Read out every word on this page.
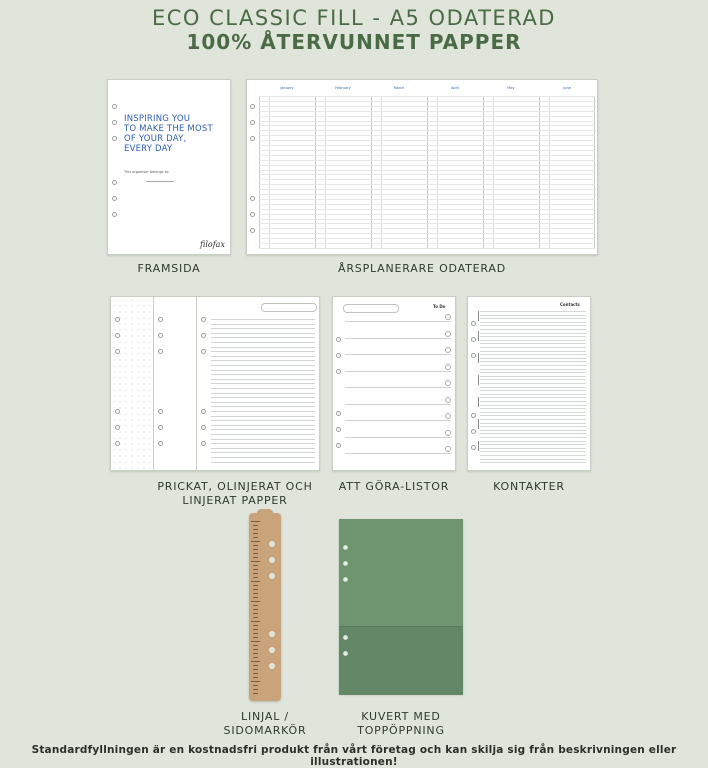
ECO CLASSIC FILL - A5 ODATERAD
100% ÅTERVUNNET PAPPER
INSPIRING YOU
TO MAKE THE MOST
OF YOUR DAY,
EVERY DAY
This organiser belongs to:
filofax
FRAMSIDA
January	February	March	April	May	June
ÅRSPLANERARE ODATERAD
PRICKAT, OLINJERAT OCH
LINJERAT PAPPER
To Do
ATT GÖRA-LISTOR
Contacts
KONTAKTER
LINJAL /
SIDOMARKÖR
KUVERT MED
TOPPÖPPNING
Standardfyllningen är en kostnadsfri produkt från vårt företag och kan skilja sig från beskrivningen eller illustrationen!
